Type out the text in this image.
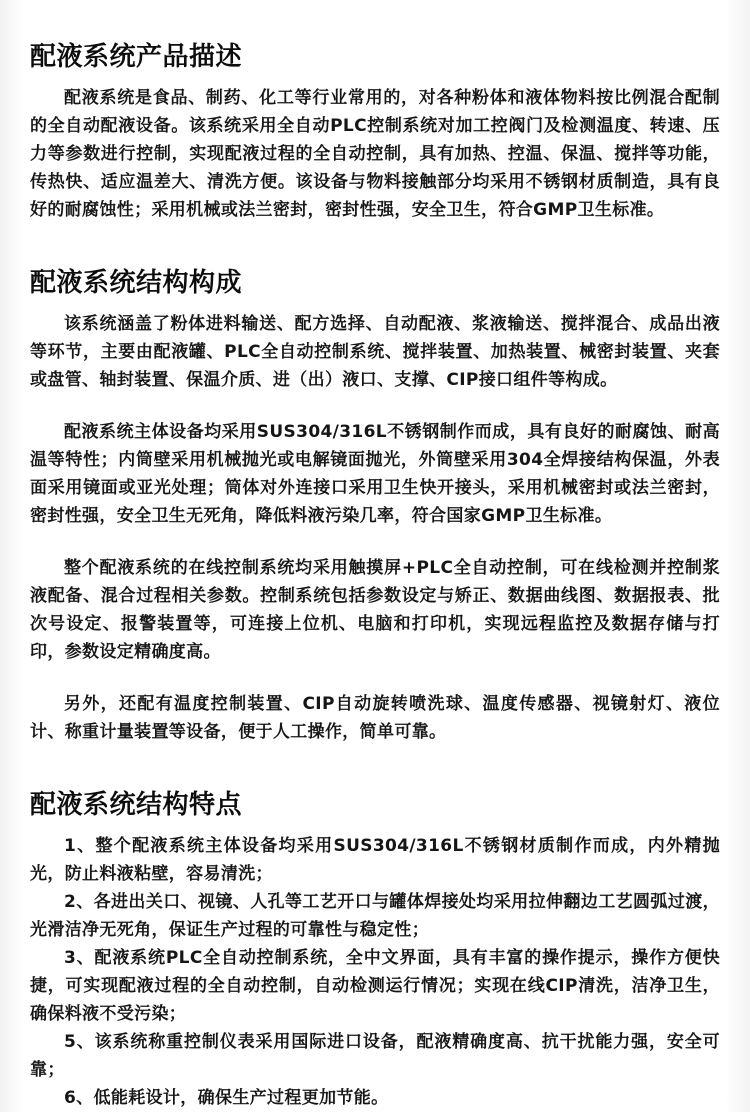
配液系统产品描述

配液系统是食品、制药、化工等行业常用的，对各种粉体和液体物料按比例混合配制的全自动配液设备。该系统采用全自动PLC控制系统对加工控阀门及检测温度、转速、压力等参数进行控制，实现配液过程的全自动控制，具有加热、控温、保温、搅拌等功能，传热快、适应温差大、清洗方便。该设备与物料接触部分均采用不锈钢材质制造，具有良好的耐腐蚀性；采用机械或法兰密封，密封性强，安全卫生，符合GMP卫生标准。

配液系统结构构成

该系统涵盖了粉体进料输送、配方选择、自动配液、浆液输送、搅拌混合、成品出液等环节，主要由配液罐、PLC全自动控制系统、搅拌装置、加热装置、械密封装置、夹套或盘管、轴封装置、保温介质、进（出）液口、支撑、CIP接口组件等构成。

配液系统主体设备均采用SUS304/316L不锈钢制作而成，具有良好的耐腐蚀、耐高温等特性；内筒壁采用机械抛光或电解镜面抛光，外筒壁采用304全焊接结构保温，外表面采用镜面或亚光处理；筒体对外连接口采用卫生快开接头，采用机械密封或法兰密封，密封性强，安全卫生无死角，降低料液污染几率，符合国家GMP卫生标准。

整个配液系统的在线控制系统均采用触摸屏+PLC全自动控制，可在线检测并控制浆液配备、混合过程相关参数。控制系统包括参数设定与矫正、数据曲线图、数据报表、批次号设定、报警装置等，可连接上位机、电脑和打印机，实现远程监控及数据存储与打印，参数设定精确度高。

另外，还配有温度控制装置、CIP自动旋转喷洗球、温度传感器、视镜射灯、液位计、称重计量装置等设备，便于人工操作，简单可靠。

配液系统结构特点

1、整个配液系统主体设备均采用SUS304/316L不锈钢材质制作而成，内外精抛光，防止料液粘壁，容易清洗；

2、各进出关口、视镜、人孔等工艺开口与罐体焊接处均采用拉伸翻边工艺圆弧过渡，光滑洁净无死角，保证生产过程的可靠性与稳定性；

3、配液系统PLC全自动控制系统，全中文界面，具有丰富的操作提示，操作方便快捷，可实现配液过程的全自动控制，自动检测运行情况；实现在线CIP清洗，洁净卫生，确保料液不受污染；

5、该系统称重控制仪表采用国际进口设备，配液精确度高、抗干扰能力强，安全可靠；

6、低能耗设计，确保生产过程更加节能。
